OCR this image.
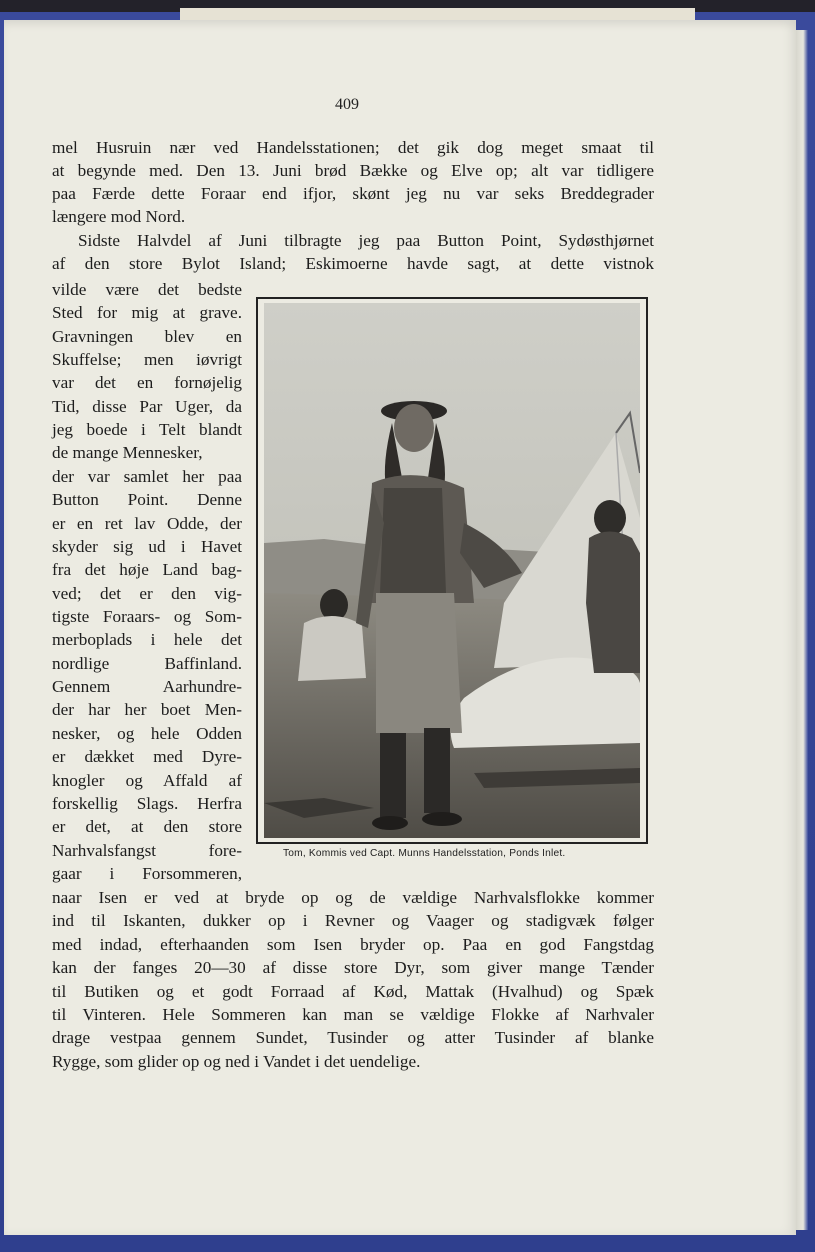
409
mel Husruin nær ved Handelsstationen; det gik dog meget smaat til
at begynde med. Den 13. Juni brød Bække og Elve op; alt var tidligere
paa Færde dette Foraar end ifjor, skønt jeg nu var seks Breddegrader
længere mod Nord.
Sidste Halvdel af Juni tilbragte jeg paa Button Point, Sydøsthjørnet
af den store Bylot Island; Eskimoerne havde sagt, at dette vistnok
vilde være det bedste
Sted for mig at grave.
Gravningen blev en
Skuffelse; men iøvrigt
var det en fornøjelig
Tid, disse Par Uger, da
jeg boede i Telt blandt
de mange Mennesker,
der var samlet her paa
Button Point. Denne
er en ret lav Odde, der
skyder sig ud i Havet
fra det høje Land bag-
ved; det er den vig-
tigste Foraars- og Som-
merboplads i hele det
nordlige Baffinland.
Gennem Aarhundre-
der har her boet Men-
nesker, og hele Odden
er dækket med Dyre-
knogler og Affald af
forskellig Slags. Herfra
er det, at den store
Narhvalsfangst fore-
gaar i Forsommeren,
Tom, Kommis ved Capt. Munns Handelsstation, Ponds Inlet.
naar Isen er ved at bryde op og de vældige Narhvalsflokke kommer
ind til Iskanten, dukker op i Revner og Vaager og stadigvæk følger
med indad, efterhaanden som Isen bryder op. Paa en god Fangstdag
kan der fanges 20—30 af disse store Dyr, som giver mange Tænder
til Butiken og et godt Forraad af Kød, Mattak (Hvalhud) og Spæk
til Vinteren. Hele Sommeren kan man se vældige Flokke af Narhvaler
drage vestpaa gennem Sundet, Tusinder og atter Tusinder af blanke
Rygge, som glider op og ned i Vandet i det uendelige.
